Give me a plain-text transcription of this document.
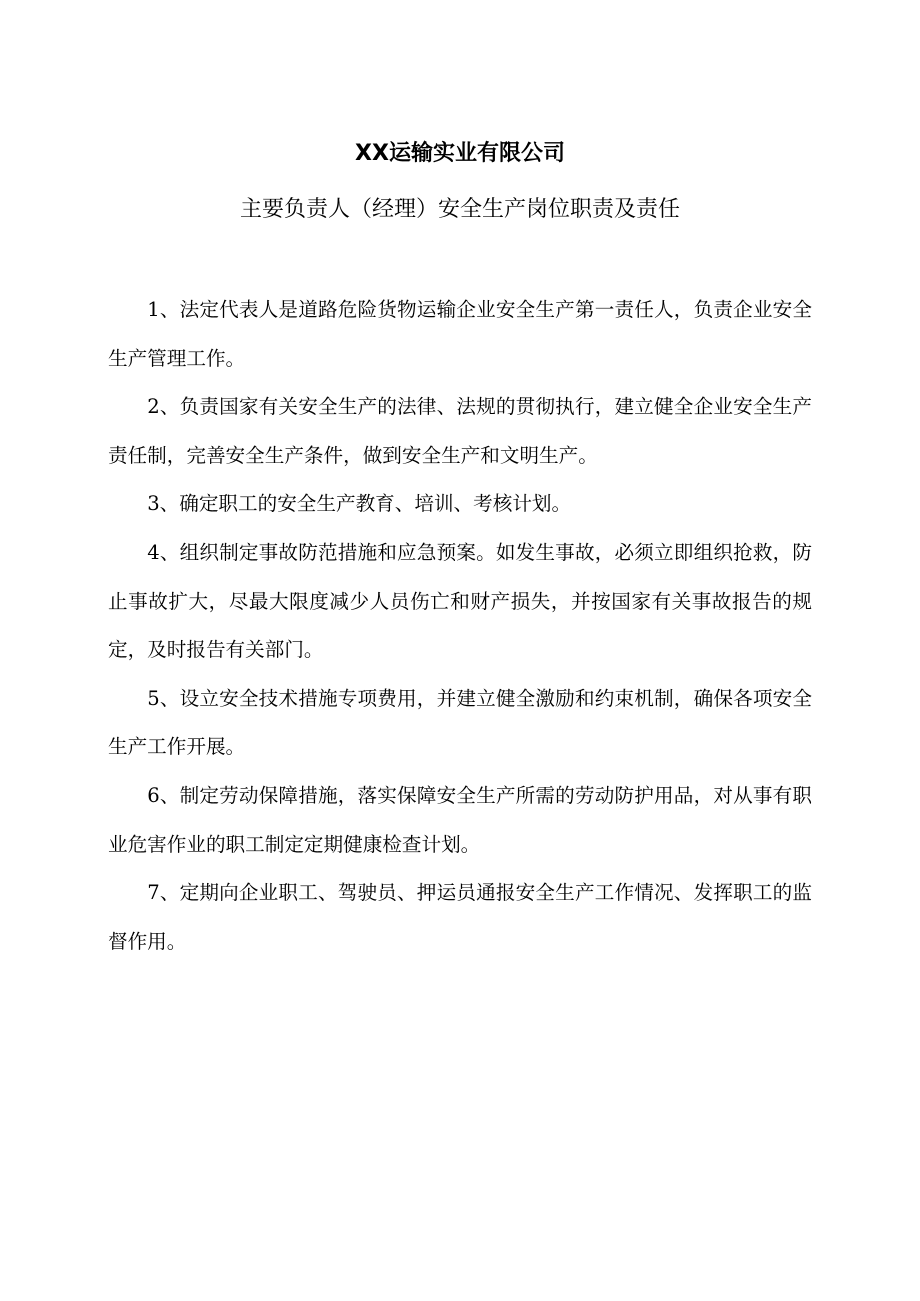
XX运输实业有限公司
主要负责人（经理）安全生产岗位职责及责任

1、法定代表人是道路危险货物运输企业安全生产第一责任人，负责企业安全生产管理工作。

2、负责国家有关安全生产的法律、法规的贯彻执行，建立健全企业安全生产责任制，完善安全生产条件，做到安全生产和文明生产。

3、确定职工的安全生产教育、培训、考核计划。

4、组织制定事故防范措施和应急预案。如发生事故，必须立即组织抢救，防止事故扩大，尽最大限度减少人员伤亡和财产损失，并按国家有关事故报告的规定，及时报告有关部门。

5、设立安全技术措施专项费用，并建立健全激励和约束机制，确保各项安全生产工作开展。

6、制定劳动保障措施，落实保障安全生产所需的劳动防护用品，对从事有职业危害作业的职工制定定期健康检查计划。

7、定期向企业职工、驾驶员、押运员通报安全生产工作情况、发挥职工的监督作用。
